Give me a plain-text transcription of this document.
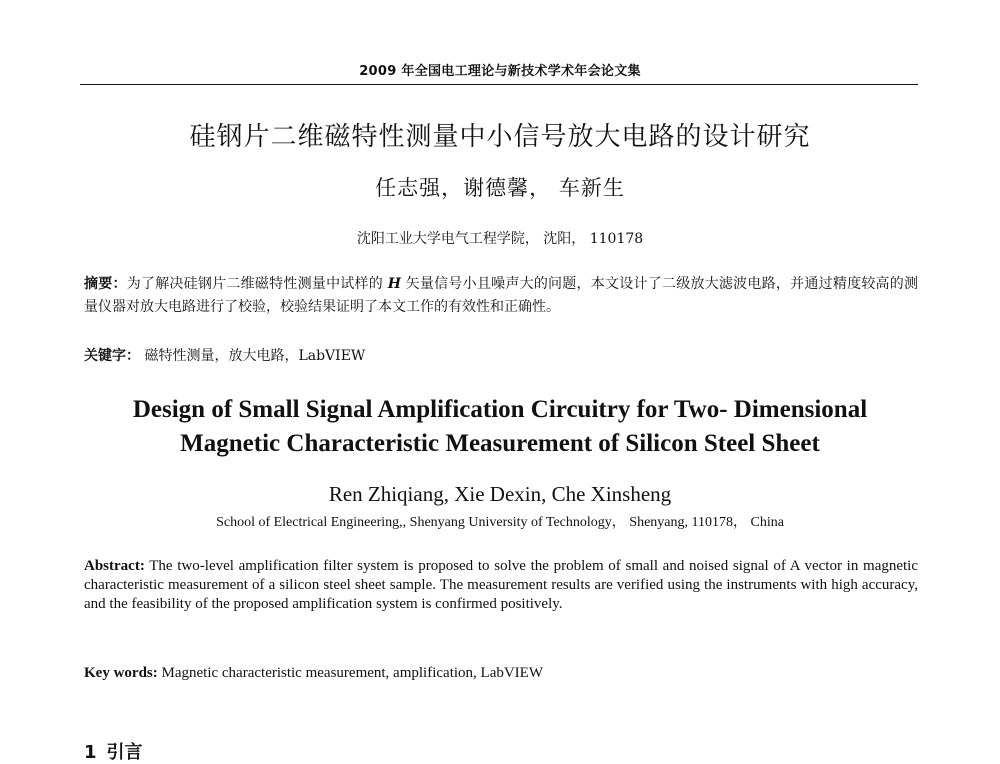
2009 年全国电工理论与新技术学术年会论文集
硅钢片二维磁特性测量中小信号放大电路的设计研究
任志强，谢德馨， 车新生
沈阳工业大学电气工程学院， 沈阳， 110178
摘要：为了解决硅钢片二维磁特性测量中试样的 H 矢量信号小且噪声大的问题，本文设计了二级放大滤波电路，并通过精度较高的测量仪器对放大电路进行了校验，校验结果证明了本文工作的有效性和正确性。
关键字： 磁特性测量，放大电路，LabVIEW
Design of Small Signal Amplification Circuitry for Two- Dimensional
Magnetic Characteristic Measurement of Silicon Steel Sheet
Ren Zhiqiang, Xie Dexin, Che Xinsheng
School of Electrical Engineering,, Shenyang University of Technology， Shenyang, 110178， China
Abstract: The two-level amplification filter system is proposed to solve the problem of small and noised signal of A vector in magnetic characteristic measurement of a silicon steel sheet sample. The measurement results are verified using the instruments with high accuracy, and the feasibility of the proposed amplification system is confirmed positively.
Key words: Magnetic characteristic measurement, amplification, LabVIEW
1 引言
